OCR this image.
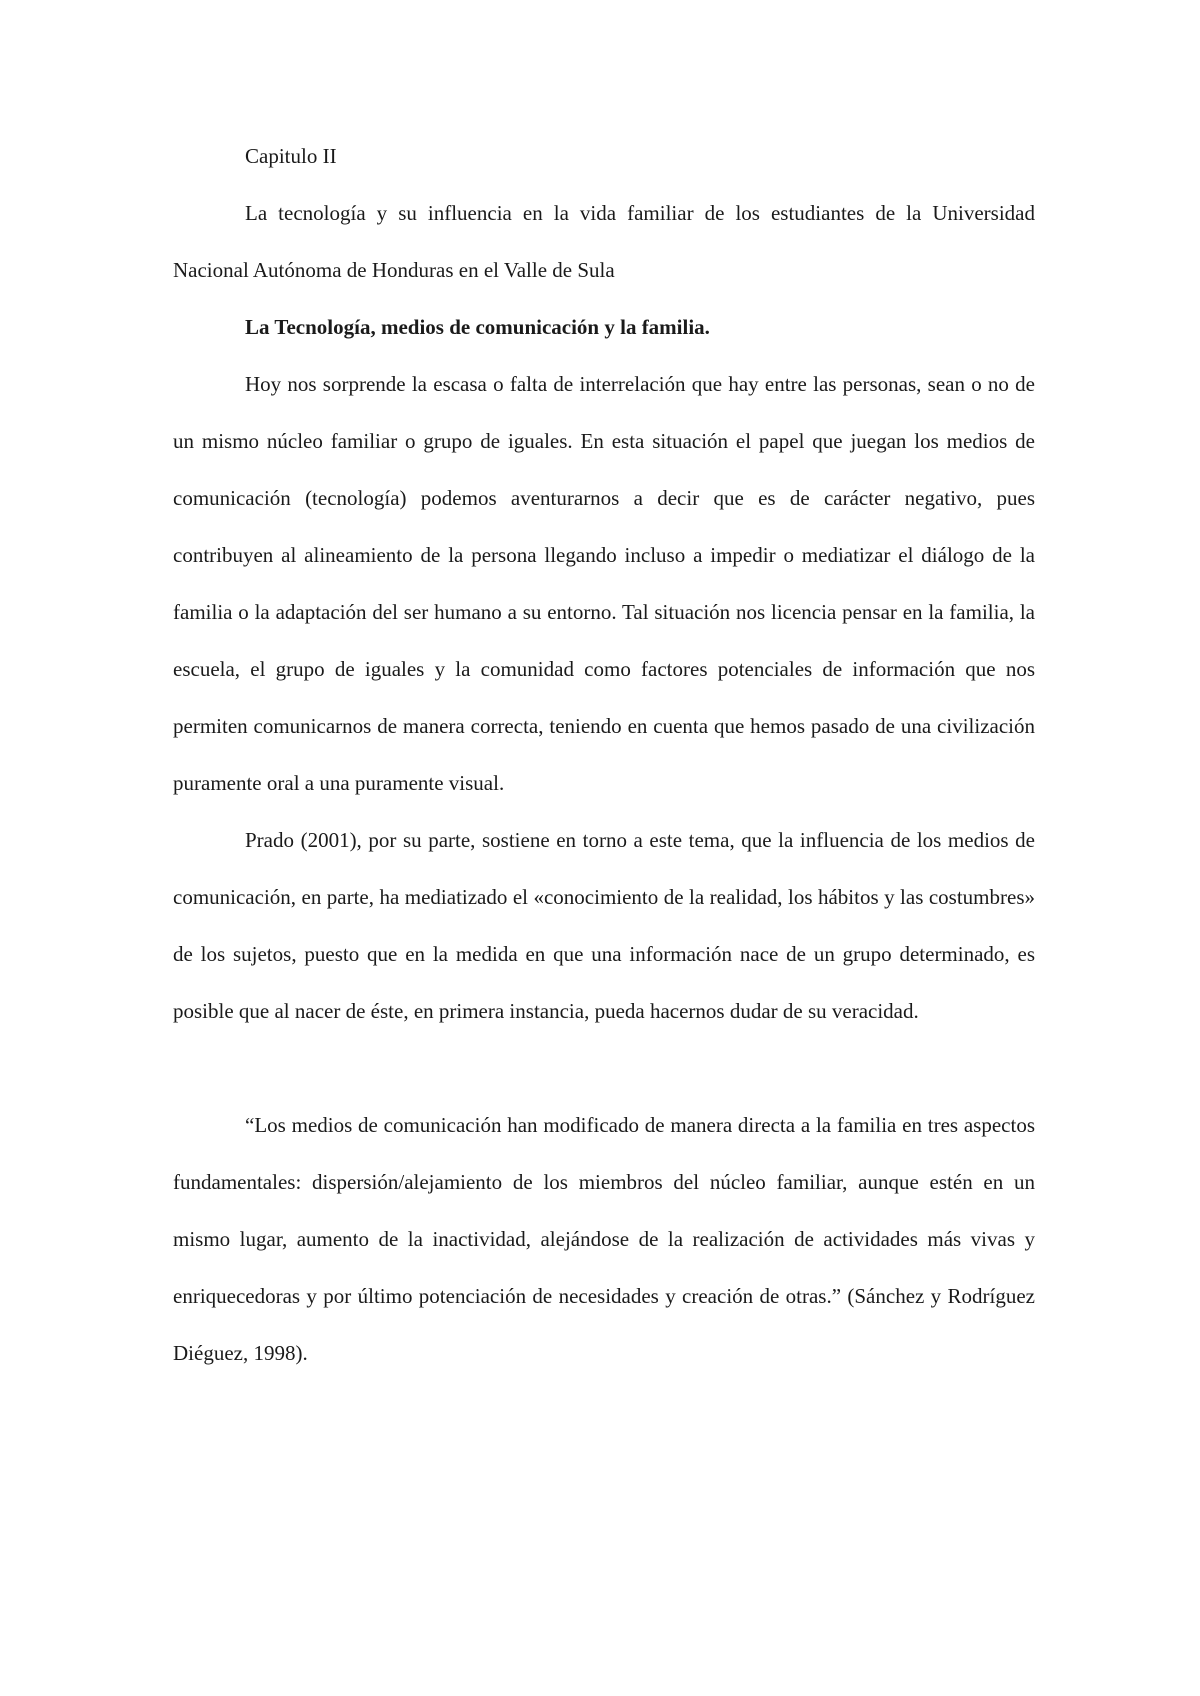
Capitulo II

La tecnología y su influencia en la vida familiar de los estudiantes de la Universidad Nacional Autónoma de Honduras en el Valle de Sula

La Tecnología, medios de comunicación y la familia.

Hoy nos sorprende la escasa o falta de interrelación que hay entre las personas, sean o no de un mismo núcleo familiar o grupo de iguales. En esta situación el papel que juegan los medios de comunicación (tecnología) podemos aventurarnos a decir que es de carácter negativo, pues contribuyen al alineamiento de la persona llegando incluso a impedir o mediatizar el diálogo de la familia o la adaptación del ser humano a su entorno. Tal situación nos licencia pensar en la familia, la escuela, el grupo de iguales y la comunidad como factores potenciales de información que nos permiten comunicarnos de manera correcta, teniendo en cuenta que hemos pasado de una civilización puramente oral a una puramente visual.

Prado (2001), por su parte, sostiene en torno a este tema, que la influencia de los medios de comunicación, en parte, ha mediatizado el «conocimiento de la realidad, los hábitos y las costumbres» de los sujetos, puesto que en la medida en que una información nace de un grupo determinado, es posible que al nacer de éste, en primera instancia, pueda hacernos dudar de su veracidad.

“Los medios de comunicación han modificado de manera directa a la familia en tres aspectos fundamentales: dispersión/alejamiento de los miembros del núcleo familiar, aunque estén en un mismo lugar, aumento de la inactividad, alejándose de la realización de actividades más vivas y enriquecedoras y por último potenciación de necesidades y creación de otras.” (Sánchez y Rodríguez Diéguez, 1998).
